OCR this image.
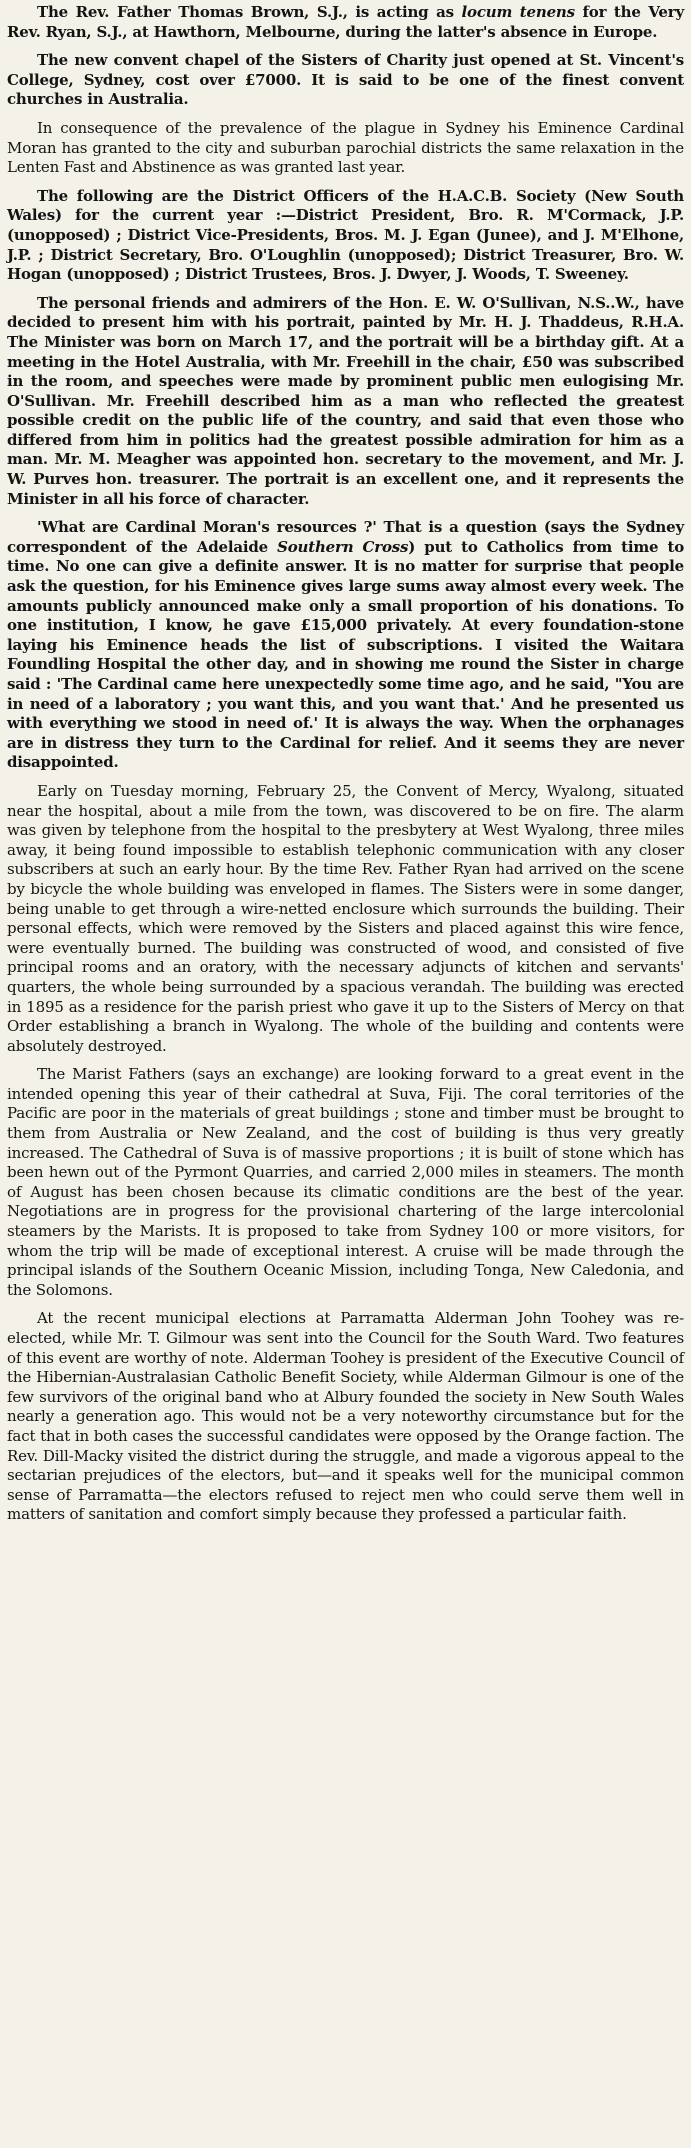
The Rev. Father Thomas Brown, S.J., is acting as locum tenens for the Very Rev. Ryan, S.J., at Hawthorn, Melbourne, during the latter's absence in Europe.

The new convent chapel of the Sisters of Charity just opened at St. Vincent's College, Sydney, cost over £7000. It is said to be one of the finest convent churches in Australia.

In consequence of the prevalence of the plague in Sydney his Eminence Cardinal Moran has granted to the city and suburban parochial districts the same relaxation in the Lenten Fast and Abstinence as was granted last year.

The following are the District Officers of the H.A.C.B. Society (New South Wales) for the current year :—District President, Bro. R. M'Cormack, J.P. (unopposed) ; District Vice-Presidents, Bros. M. J. Egan (Junee), and J. M'Elhone, J.P. ; District Secretary, Bro. O'Loughlin (unopposed); District Treasurer, Bro. W. Hogan (unopposed) ; District Trustees, Bros. J. Dwyer, J. Woods, T. Sweeney.

The personal friends and admirers of the Hon. E. W. O'Sullivan, N.S..W., have decided to present him with his portrait, painted by Mr. H. J. Thaddeus, R.H.A. The Minister was born on March 17, and the portrait will be a birthday gift. At a meeting in the Hotel Australia, with Mr. Freehill in the chair, £50 was subscribed in the room, and speeches were made by prominent public men eulogising Mr. O'Sullivan. Mr. Freehill described him as a man who reflected the greatest possible credit on the public life of the country, and said that even those who differed from him in politics had the greatest possible admiration for him as a man. Mr. M. Meagher was appointed hon. secretary to the movement, and Mr. J. W. Purves hon. treasurer. The portrait is an excellent one, and it represents the Minister in all his force of character.

'What are Cardinal Moran's resources ?' That is a question (says the Sydney correspondent of the Adelaide Southern Cross) put to Catholics from time to time. No one can give a definite answer. It is no matter for surprise that people ask the question, for his Eminence gives large sums away almost every week. The amounts publicly announced make only a small proportion of his donations. To one institution, I know, he gave £15,000 privately. At every foundation-stone laying his Eminence heads the list of subscriptions. I visited the Waitara Foundling Hospital the other day, and in showing me round the Sister in charge said : 'The Cardinal came here unexpectedly some time ago, and he said, "You are in need of a laboratory ; you want this, and you want that.' And he presented us with everything we stood in need of.' It is always the way. When the orphanages are in distress they turn to the Cardinal for relief. And it seems they are never disappointed.

Early on Tuesday morning, February 25, the Convent of Mercy, Wyalong, situated near the hospital, about a mile from the town, was discovered to be on fire. The alarm was given by telephone from the hospital to the presbytery at West Wyalong, three miles away, it being found impossible to establish telephonic communication with any closer subscribers at such an early hour. By the time Rev. Father Ryan had arrived on the scene by bicycle the whole building was enveloped in flames. The Sisters were in some danger, being unable to get through a wire-netted enclosure which surrounds the building. Their personal effects, which were removed by the Sisters and placed against this wire fence, were eventually burned. The building was constructed of wood, and consisted of five principal rooms and an oratory, with the necessary adjuncts of kitchen and servants' quarters, the whole being surrounded by a spacious verandah. The building was erected in 1895 as a residence for the parish priest who gave it up to the Sisters of Mercy on that Order establishing a branch in Wyalong. The whole of the building and contents were absolutely destroyed.

The Marist Fathers (says an exchange) are looking forward to a great event in the intended opening this year of their cathedral at Suva, Fiji. The coral territories of the Pacific are poor in the materials of great buildings ; stone and timber must be brought to them from Australia or New Zealand, and the cost of building is thus very greatly increased. The Cathedral of Suva is of massive proportions ; it is built of stone which has been hewn out of the Pyrmont Quarries, and carried 2,000 miles in steamers. The month of August has been chosen because its climatic conditions are the best of the year. Negotiations are in progress for the provisional chartering of the large intercolonial steamers by the Marists. It is proposed to take from Sydney 100 or more visitors, for whom the trip will be made of exceptional interest. A cruise will be made through the principal islands of the Southern Oceanic Mission, including Tonga, New Caledonia, and the Solomons.

At the recent municipal elections at Parramatta Alderman John Toohey was re-elected, while Mr. T. Gilmour was sent into the Council for the South Ward. Two features of this event are worthy of note. Alderman Toohey is president of the Executive Council of the Hibernian-Australasian Catholic Benefit Society, while Alderman Gilmour is one of the few survivors of the original band who at Albury founded the society in New South Wales nearly a generation ago. This would not be a very noteworthy circumstance but for the fact that in both cases the successful candidates were opposed by the Orange faction. The Rev. Dill-Macky visited the district during the struggle, and made a vigorous appeal to the sectarian prejudices of the electors, but—and it speaks well for the municipal common sense of Parramatta—the electors refused to reject men who could serve them well in matters of sanitation and comfort simply because they professed a particular faith.
